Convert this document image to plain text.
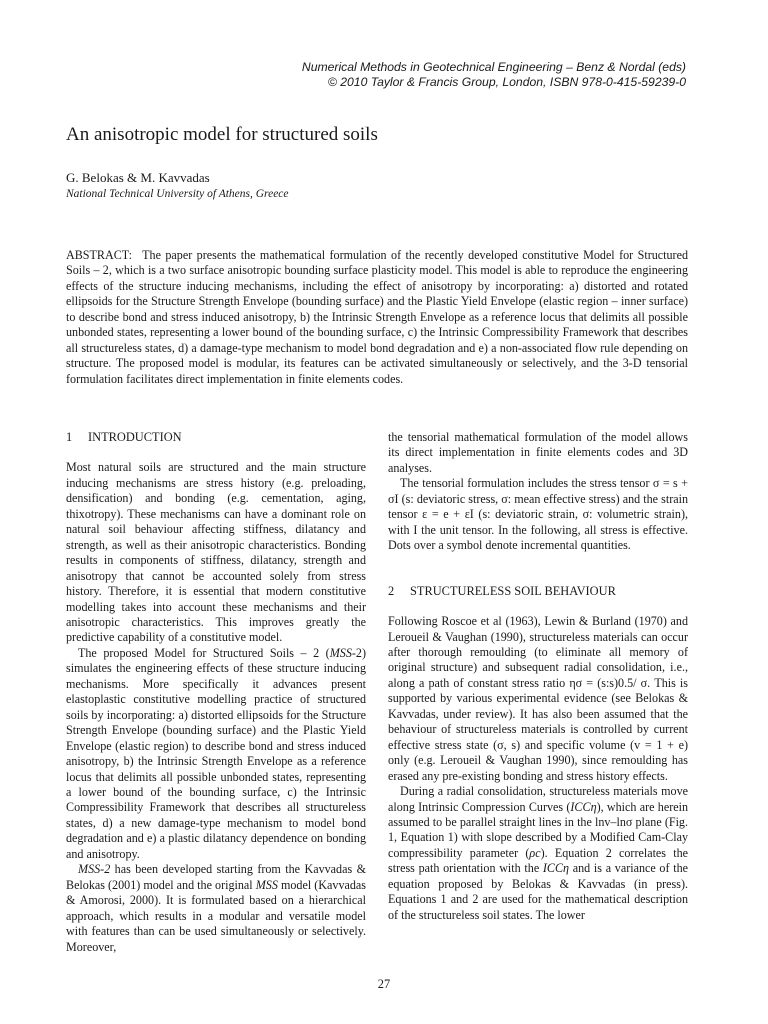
Numerical Methods in Geotechnical Engineering – Benz & Nordal (eds)
© 2010 Taylor & Francis Group, London, ISBN 978-0-415-59239-0
An anisotropic model for structured soils
G. Belokas & M. Kavvadas
National Technical University of Athens, Greece
ABSTRACT: The paper presents the mathematical formulation of the recently developed constitutive Model for Structured Soils – 2, which is a two surface anisotropic bounding surface plasticity model. This model is able to reproduce the engineering effects of the structure inducing mechanisms, including the effect of anisotropy by incorporating: a) distorted and rotated ellipsoids for the Structure Strength Envelope (bounding surface) and the Plastic Yield Envelope (elastic region – inner surface) to describe bond and stress induced anisotropy, b) the Intrinsic Strength Envelope as a reference locus that delimits all possible unbonded states, representing a lower bound of the bounding surface, c) the Intrinsic Compressibility Framework that describes all structureless states, d) a damage-type mechanism to model bond degradation and e) a non-associated flow rule depending on structure. The proposed model is modular, its features can be activated simultaneously or selectively, and the 3-D tensorial formulation facilitates direct implementation in finite elements codes.
1 INTRODUCTION

Most natural soils are structured and the main structure inducing mechanisms are stress history (e.g. preloading, densification) and bonding (e.g. cementation, aging, thixotropy). These mechanisms can have a dominant role on natural soil behaviour affecting stiffness, dilatancy and strength, as well as their anisotropic characteristics. Bonding results in components of stiffness, dilatancy, strength and anisotropy that cannot be accounted solely from stress history. Therefore, it is essential that modern constitutive modelling takes into account these mechanisms and their anisotropic characteristics. This improves greatly the predictive capability of a constitutive model.

The proposed Model for Structured Soils – 2 (MSS-2) simulates the engineering effects of these structure inducing mechanisms. More specifically it advances present elastoplastic constitutive modelling practice of structured soils by incorporating: a) distorted ellipsoids for the Structure Strength Envelope (bounding surface) and the Plastic Yield Envelope (elastic region) to describe bond and stress induced anisotropy, b) the Intrinsic Strength Envelope as a reference locus that delimits all possible unbonded states, representing a lower bound of the bounding surface, c) the Intrinsic Compressibility Framework that describes all structureless states, d) a new damage-type mechanism to model bond degradation and e) a plastic dilatancy dependence on bonding and anisotropy.

MSS-2 has been developed starting from the Kavvadas & Belokas (2001) model and the original MSS model (Kavvadas & Amorosi, 2000). It is formulated based on a hierarchical approach, which results in a modular and versatile model with features than can be used simultaneously or selectively. Moreover,

the tensorial mathematical formulation of the model allows its direct implementation in finite elements codes and 3D analyses.

The tensorial formulation includes the stress tensor σ = s + σI (s: deviatoric stress, σ: mean effective stress) and the strain tensor ε = e + εI (s: deviatoric strain, σ: volumetric strain), with I the unit tensor. In the following, all stress is effective. Dots over a symbol denote incremental quantities.

2 STRUCTURELESS SOIL BEHAVIOUR

Following Roscoe et al (1963), Lewin & Burland (1970) and Leroueil & Vaughan (1990), structureless materials can occur after thorough remoulding (to eliminate all memory of original structure) and subsequent radial consolidation, i.e., along a path of constant stress ratio ησ = (s:s)0.5/ σ. This is supported by various experimental evidence (see Belokas & Kavvadas, under review). It has also been assumed that the behaviour of structureless materials is controlled by current effective stress state (σ, s) and specific volume (v = 1 + e) only (e.g. Leroueil & Vaughan 1990), since remoulding has erased any pre-existing bonding and stress history effects.

During a radial consolidation, structureless materials move along Intrinsic Compression Curves (ICCη), which are herein assumed to be parallel straight lines in the lnv–lnσ plane (Fig. 1, Equation 1) with slope described by a Modified Cam-Clay compressibility parameter (ρc). Equation 2 correlates the stress path orientation with the ICCη and is a variance of the equation proposed by Belokas & Kavvadas (in press). Equations 1 and 2 are used for the mathematical description of the structureless soil states. The lower

27
